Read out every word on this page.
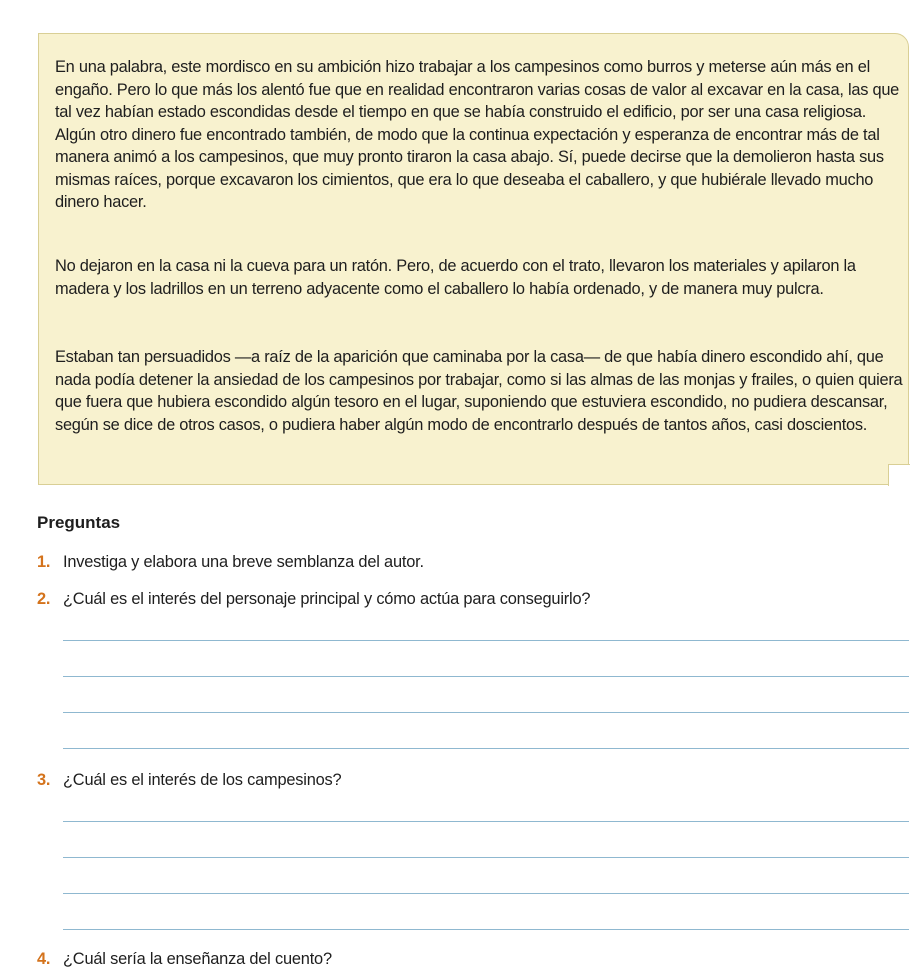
En una palabra, este mordisco en su ambición hizo trabajar a los campesinos como burros y meterse aún más en el engaño. Pero lo que más los alentó fue que en realidad encontraron varias cosas de valor al excavar en la casa, las que tal vez habían estado escondidas desde el tiempo en que se había construido el edificio, por ser una casa religiosa. Algún otro dinero fue encontrado también, de modo que la continua expectación y esperanza de encontrar más de tal manera animó a los campesinos, que muy pronto tiraron la casa abajo. Sí, puede decirse que la demolieron hasta sus mismas raíces, porque excavaron los cimientos, que era lo que deseaba el caballero, y que hubiérale llevado mucho dinero hacer.

No dejaron en la casa ni la cueva para un ratón. Pero, de acuerdo con el trato, llevaron los materiales y apilaron la madera y los ladrillos en un terreno adyacente como el caballero lo había ordenado, y de manera muy pulcra.

Estaban tan persuadidos —a raíz de la aparición que caminaba por la casa— de que había dinero escondido ahí, que nada podía detener la ansiedad de los campesinos por trabajar, como si las almas de las monjas y frailes, o quien quiera que fuera que hubiera escondido algún tesoro en el lugar, suponiendo que estuviera escondido, no pudiera descansar, según se dice de otros casos, o pudiera haber algún modo de encontrarlo después de tantos años, casi doscientos.

Preguntas
1. Investiga y elabora una breve semblanza del autor.
2. ¿Cuál es el interés del personaje principal y cómo actúa para conseguirlo?
3. ¿Cuál es el interés de los campesinos?
4. ¿Cuál sería la enseñanza del cuento?
